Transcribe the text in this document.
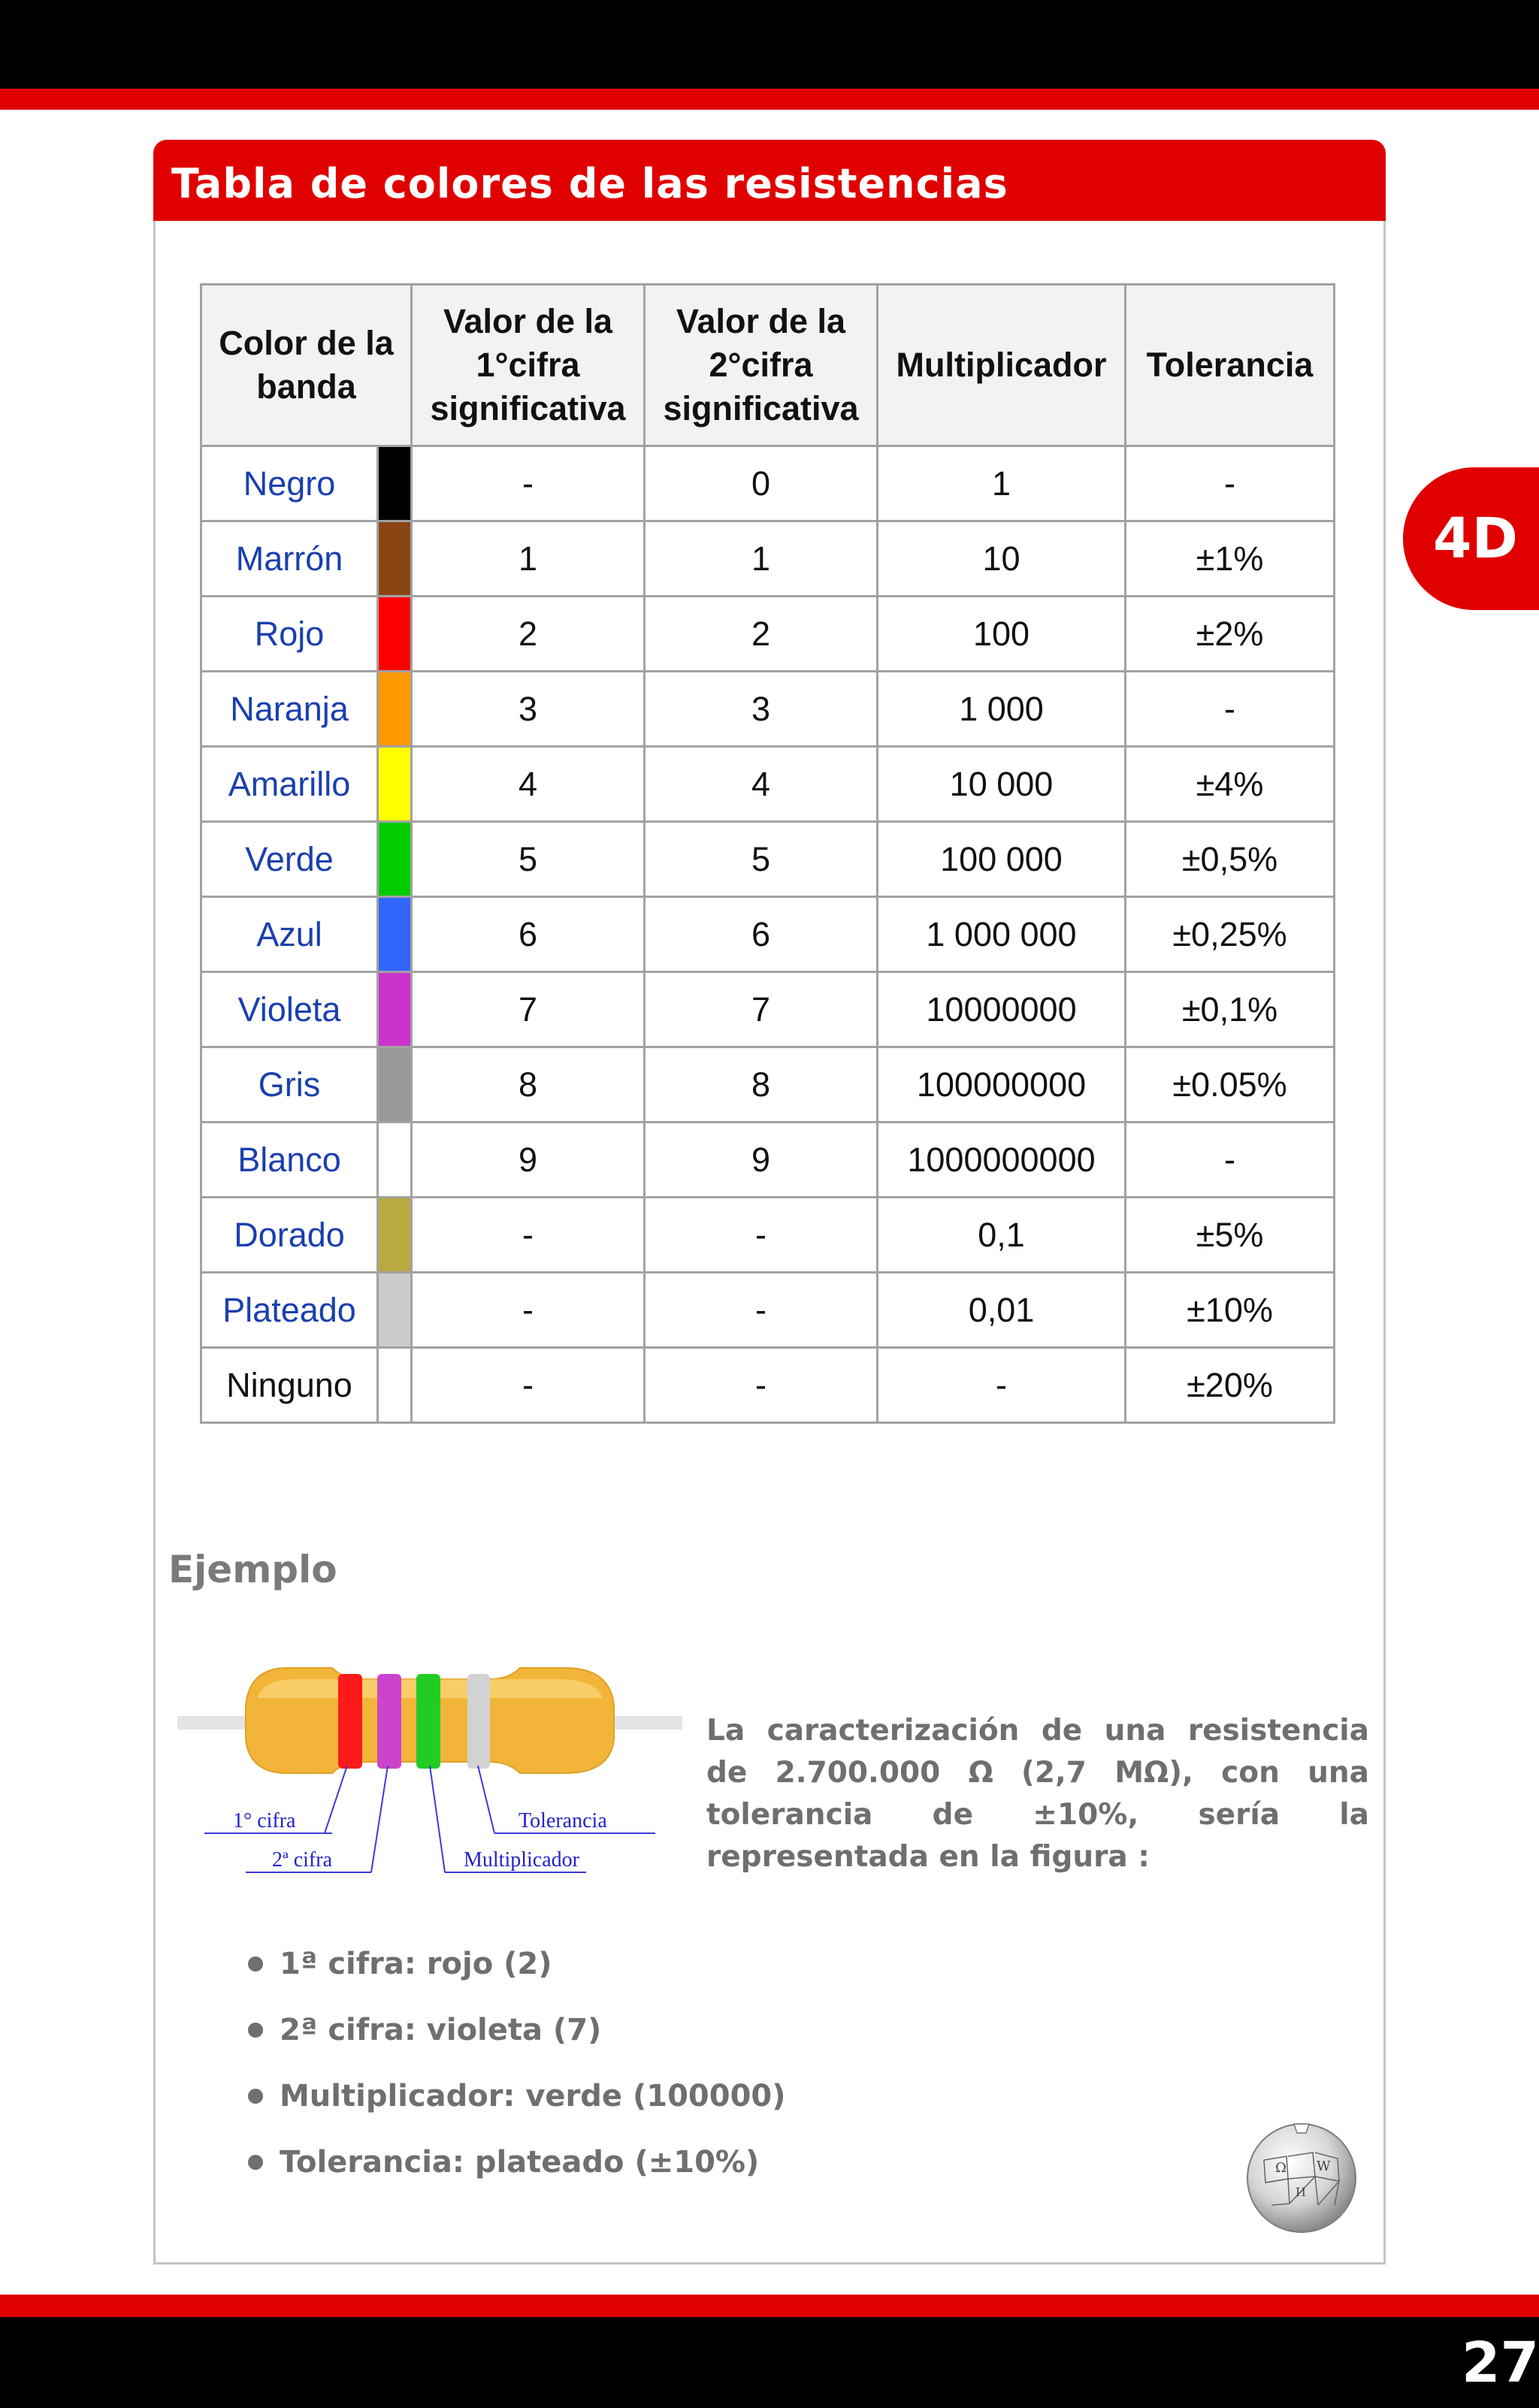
4D
Tabla de colores de las resistencias
Color de la banda		Valor de la 1°cifra significativa	Valor de la 2°cifra significativa	Multiplicador	Tolerancia
Negro		-	0	1	-
Marrón		1	1	10	±1%
Rojo		2	2	100	±2%
Naranja		3	3	1 000	-
Amarillo		4	4	10 000	±4%
Verde		5	5	100 000	±0,5%
Azul		6	6	1 000 000	±0,25%
Violeta		7	7	10000000	±0,1%
Gris		8	8	100000000	±0.05%
Blanco		9	9	1000000000	-
Dorado		-	-	0,1	±5%
Plateado		-	-	0,01	±10%
Ninguno		-	-	-	±20%
Ejemplo
1° cifra
2ª cifra
Tolerancia
Multiplicador
La caracterización de una resistencia de 2.700.000 Ω (2,7 MΩ), con una tolerancia de ±10%, sería la representada en la figura :
1ª cifra: rojo (2)
2ª cifra: violeta (7)
Multiplicador: verde (100000)
Tolerancia: plateado (±10%)	Ω W
И
27
